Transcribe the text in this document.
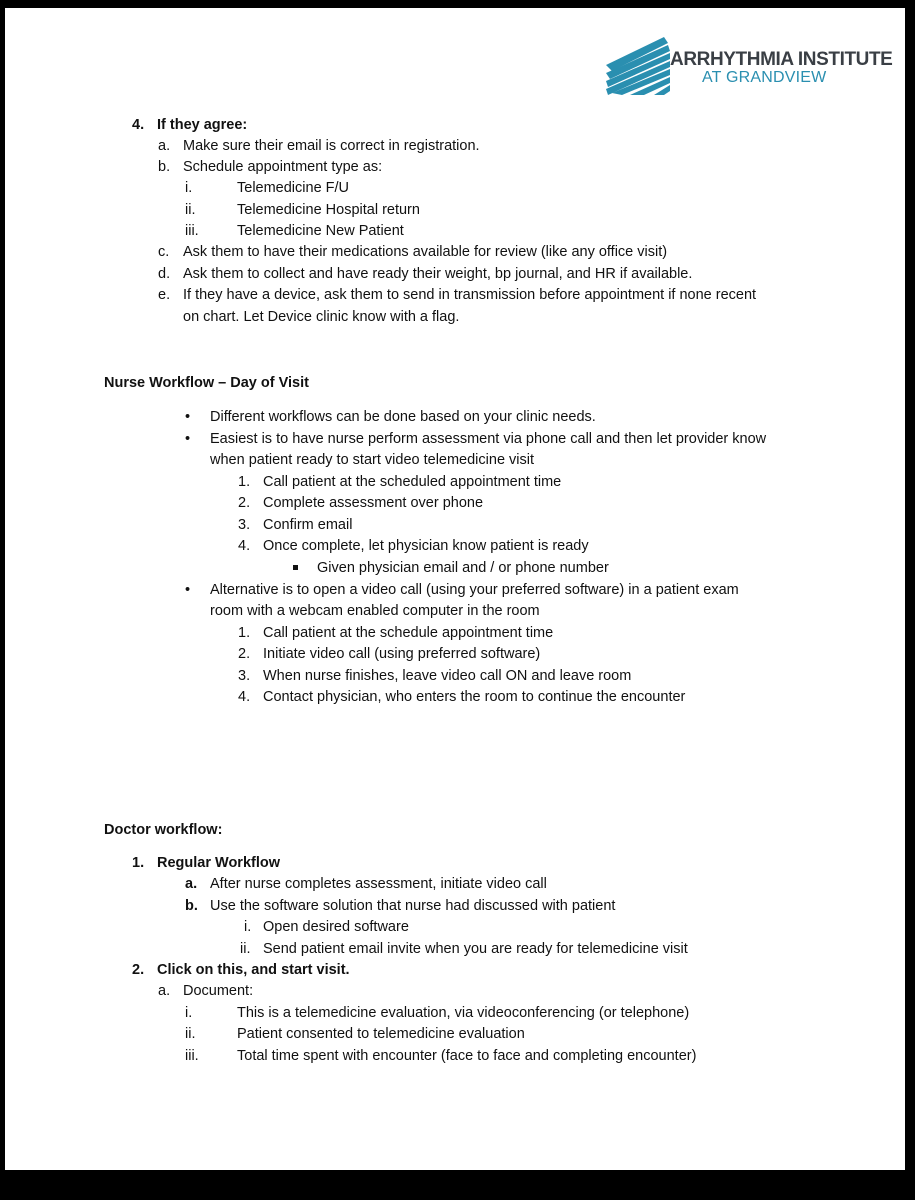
ARRHYTHMIA INSTITUTE
AT GRANDVIEW
4. If they agree:
a. Make sure their email is correct in registration.
b. Schedule appointment type as:
i.	Telemedicine F/U
ii.	Telemedicine Hospital return
iii.	Telemedicine New Patient
c. Ask them to have their medications available for review (like any office visit)
d. Ask them to collect and have ready their weight, bp journal, and HR if available.
e. If they have a device, ask them to send in transmission before appointment if none recent
on chart. Let Device clinic know with a flag.
Nurse Workflow – Day of Visit
• Different workflows can be done based on your clinic needs.
• Easiest is to have nurse perform assessment via phone call and then let provider know
when patient ready to start video telemedicine visit
1. Call patient at the scheduled appointment time
2. Complete assessment over phone
3. Confirm email
4. Once complete, let physician know patient is ready
Given physician email and / or phone number
• Alternative is to open a video call (using your preferred software) in a patient exam
room with a webcam enabled computer in the room
1. Call patient at the schedule appointment time
2. Initiate video call (using preferred software)
3. When nurse finishes, leave video call ON and leave room
4. Contact physician, who enters the room to continue the encounter
Doctor workflow:
1. Regular Workflow
a. After nurse completes assessment, initiate video call
b. Use the software solution that nurse had discussed with patient
i. Open desired software
ii. Send patient email invite when you are ready for telemedicine visit
2. Click on this, and start visit.
a. Document:
i.	This is a telemedicine evaluation, via videoconferencing (or telephone)
ii.	Patient consented to telemedicine evaluation
iii.	Total time spent with encounter (face to face and completing encounter)
